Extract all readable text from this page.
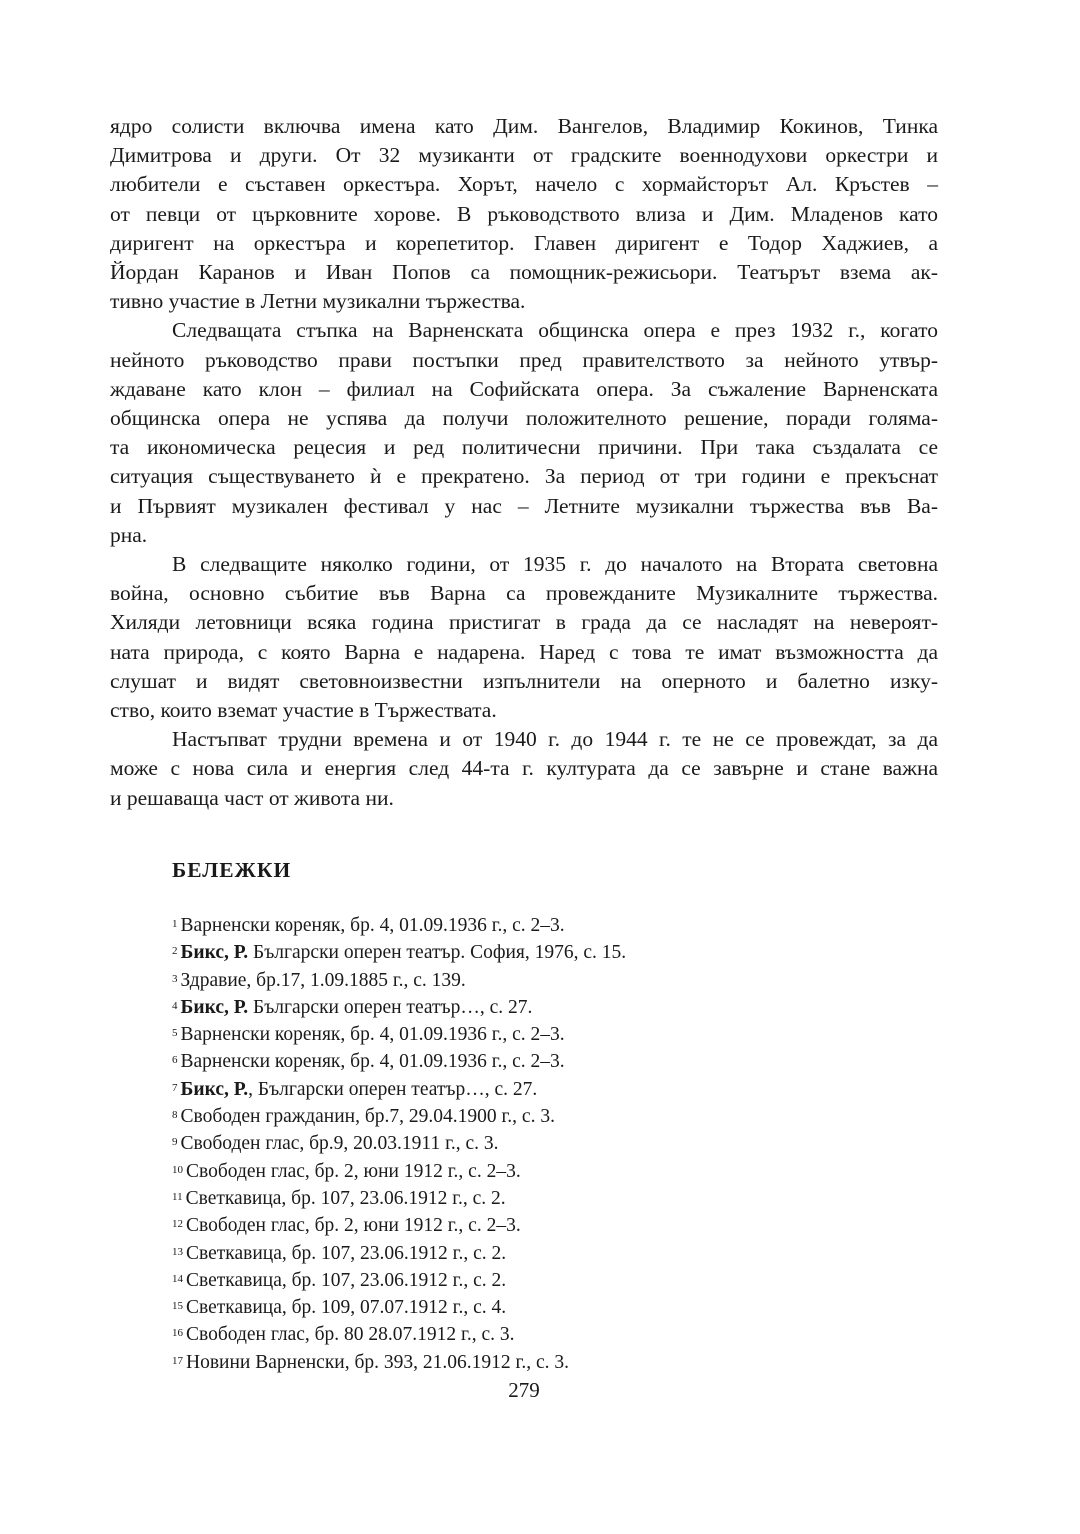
ядро солисти включва имена като Дим. Вангелов, Владимир Кокинов, Тинка
Димитрова и други. От 32 музиканти от градските военнодухови оркестри и
любители е съставен оркестъра. Хорът, начело с хормайсторът Ал. Кръстев –
от певци от църковните хорове. В ръководството влиза и Дим. Младенов като
диригент на оркестъра и корепетитор. Главен диригент е Тодор Хаджиев, а
Йордан Каранов и Иван Попов са помощник-режисьори. Театърът взема ак-
тивно участие в Летни музикални тържества.

Следващата стъпка на Варненската общинска опера е през 1932 г., когато
нейното ръководство прави постъпки пред правителството за нейното утвър-
ждаване като клон – филиал на Софийската опера. За съжаление Варненската
общинска опера не успява да получи положителното решение, поради голяма-
та икономическа рецесия и ред политичесни причини. При така създалата се
ситуация съществуването ѝ е прекратено. За период от три години е прекъснат
и Първият музикален фестивал у нас – Летните музикални тържества във Ва-
рна.

В следващите няколко години, от 1935 г. до началото на Втората световна
война, основно събитие във Варна са провежданите Музикалните тържества.
Хиляди летовници всяка година пристигат в града да се насладят на невероят-
ната природа, с която Варна е надарена. Наред с това те имат възможността да
слушат и видят световноизвестни изпълнители на оперното и балетно изку-
ство, които вземат участие в Тържествата.

Настъпват трудни времена и от 1940 г. до 1944 г. те не се провеждат, за да
може с нова сила и енергия след 44-та г. културата да се завърне и стане важна
и решаваща част от живота ни.

БЕЛЕЖКИ
$^1$ Варненски кореняк, бр. 4, 01.09.1936 г., с. 2–3.
$^2$ Бикс, Р. Български оперен театър. София, 1976, с. 15.
$^3$ Здравие, бр.17, 1.09.1885 г., с. 139.
$^4$ Бикс, Р. Български оперен театър…, с. 27.
$^5$ Варненски кореняк, бр. 4, 01.09.1936 г., с. 2–3.
$^6$ Варненски кореняк, бр. 4, 01.09.1936 г., с. 2–3.
$^7$ Бикс, Р., Български оперен театър…, с. 27.
$^8$ Свободен гражданин, бр.7, 29.04.1900 г., с. 3.
$^9$ Свободен глас, бр.9, 20.03.1911 г., с. 3.
$^{10}$ Свободен глас, бр. 2, юни 1912 г., с. 2–3.
$^{11}$ Светкавица, бр. 107, 23.06.1912 г., с. 2.
$^{12}$ Свободен глас, бр. 2, юни 1912 г., с. 2–3.
$^{13}$ Светкавица, бр. 107, 23.06.1912 г., с. 2.
$^{14}$ Светкавица, бр. 107, 23.06.1912 г., с. 2.
$^{15}$ Светкавица, бр. 109, 07.07.1912 г., с. 4.
$^{16}$ Свободен глас, бр. 80 28.07.1912 г., с. 3.
$^{17}$ Новини Варненски, бр. 393, 21.06.1912 г., с. 3.
279
